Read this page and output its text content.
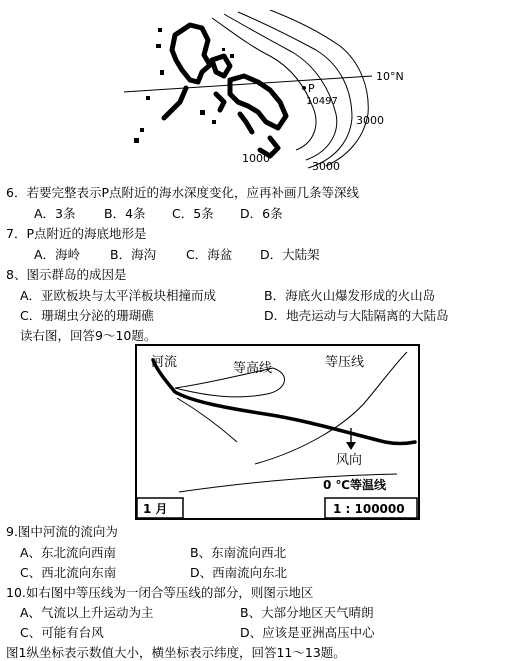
10°N
P
10497
3000
1000
3000
6．若要完整表示P点附近的海水深度变化，应再补画几条等深线
A．3条 B．4条 C．5条 D．6条
7．P点附近的海底地形是
A．海岭 B．海沟 C．海盆 D．大陆架
8、图示群岛的成因是
A．亚欧板块与太平洋板块相撞而成	B．海底火山爆发形成的火山岛
C．珊瑚虫分泌的珊瑚礁	D．地壳运动与大陆隔离的大陆岛
读右图，回答9～10题。
河流	等高线	等压线
风向
0 ℃等温线
1 月	1 : 100000
9.图中河流的流向为
A、东北流向西南	B、东南流向西北
C、西北流向东南	D、西南流向东北
10.如右图中等压线为一闭合等压线的部分，则图示地区
A、气流以上升运动为主	B、大部分地区天气晴朗
C、可能有台风	D、应该是亚洲高压中心
图1纵坐标表示数值大小，横坐标表示纬度，回答11～13题。
